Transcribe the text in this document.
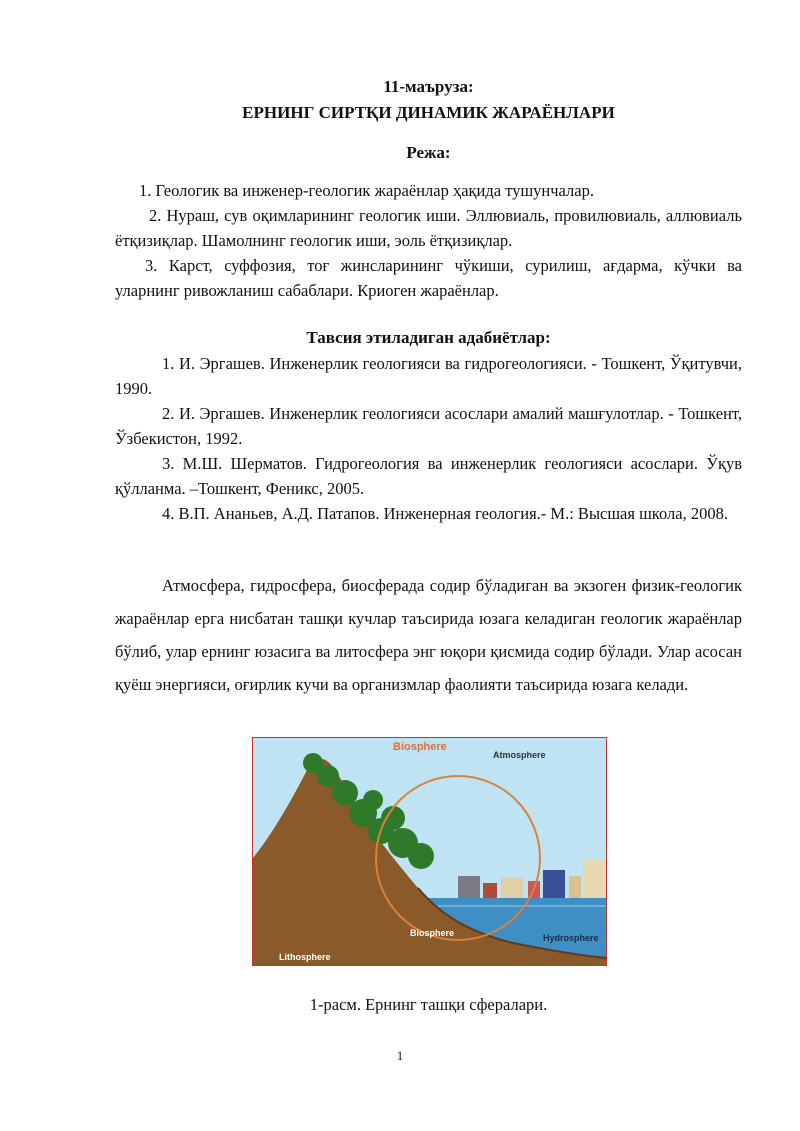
11-маъруза:
ЕРНИНГ СИРТҚИ ДИНАМИК ЖАРАЁНЛАРИ
Режа:
1. Геологик ва инженер-геологик жараёнлар ҳақида тушунчалар.
2. Нураш, сув оқимларининг геологик иши. Эллювиаль, провилювиаль, аллювиаль ётқизиқлар. Шамолнинг геологик иши, эоль ётқизиқлар.
3. Карст, суффозия, тоғ жинсларининг чўкиши, сурилиш, ағдарма, кўчки ва уларнинг ривожланиш сабаблари. Криоген жараёнлар.
Тавсия этиладиган адабиётлар:
1. И. Эргашев. Инженерлик геологияси ва гидрогеологияси. - Тошкент, Ўқитувчи, 1990.
2. И. Эргашев. Инженерлик геологияси асослари амалий машғулотлар. - Тошкент, Ўзбекистон, 1992.
3. М.Ш. Шерматов. Гидрогеология ва инженерлик геологияси асослари. Ўқув қўлланма. –Тошкент, Феникс, 2005.
4. В.П. Ананьев, А.Д. Патапов. Инженерная геология.- М.: Высшая школа, 2008.
Атмосфера, гидросфера, биосферада содир бўладиган ва экзоген физик-геологик жараёнлар ерга нисбатан ташқи кучлар таъсирида юзага келадиган геологик жараёнлар бўлиб, улар ернинг юзасига ва литосфера энг юқори қисмида содир бўлади. Улар асосан қуёш энергияси, оғирлик кучи ва организмлар фаолияти таъсирида юзага келади.
Biosphere
Atmosphere
Biosphere	Hydrosphere
Lithosphere
1-расм. Ернинг ташқи сфералари.
1
